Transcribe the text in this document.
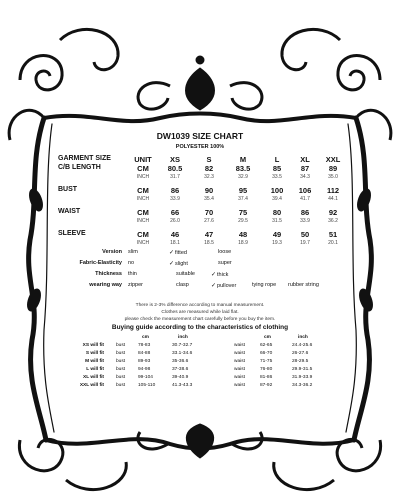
DW1039 SIZE CHART
POLYESTER 100%
GARMENT SIZE	UNIT	XS	S	M	L	XL	XXL
C/B LENGTH	CM	80.5	82	83.5	85	87	89
INCH	31.7	32.3	32.9	33.5	34.3	35.0
BUST	CM	86	90	95	100	106	112
INCH	33.9	35.4	37.4	39.4	41.7	44.1
WAIST	CM	66	70	75	80	86	92
INCH	26.0	27.6	29.5	31.5	33.9	36.2
SLEEVE	CM	46	47	48	49	50	51
INCH	18.1	18.5	18.9	19.3	19.7	20.1
Version slim	✓fitted	loose
Fabric-Elasticity no	✓slight	super
Thickness thin	suitable	✓thick
wearing way zipper	clasp	✓pullover	tying rope rubber string
There is 2-3% difference according to manual measurement.
Clothes are measured while laid flat.
please check the measurement chart carefully before you buy the item.
Buying guide according to the characteristics of clothing
cm	inch	cm	inch
XS will fit	bust	78-83	30.7-32.7	waist	62-65	24.4-25.6
S will fit	bust	84-88	33.1-34.6	waist	66-70	26-27.6
M will fit	bust	89-93	35-36.6	waist	71-75	28-29.5
L will fit	bust	94-98	37-38.6	waist	76-80	29.9-31.5
XL will fit	bust	99-104	39-40.9	waist	81-86	31.9-33.9
XXL will fit	bust	105-110	41.3-43.3	waist	87-92	34.3-36.2
